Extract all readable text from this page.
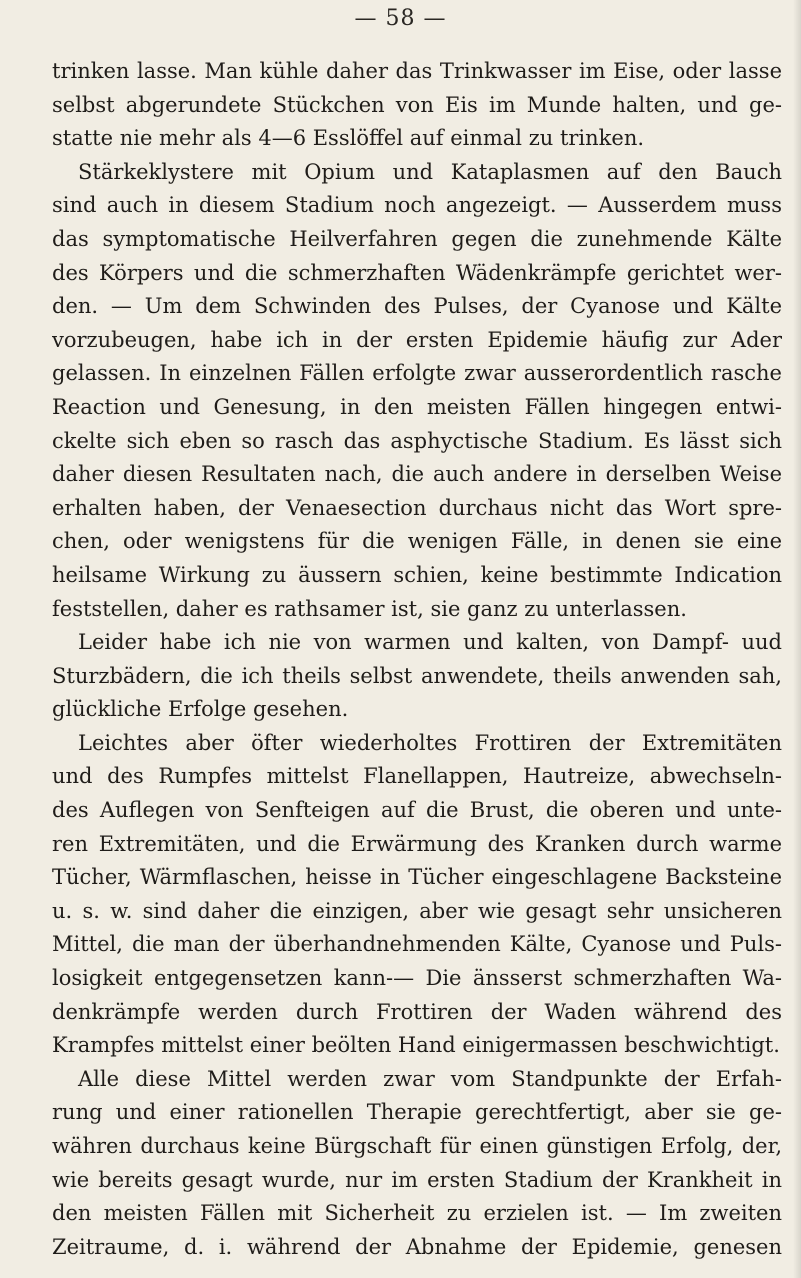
— 58 —
trinken lasse. Man kühle daher das Trinkwasser im Eise, oder lasse
selbst abgerundete Stückchen von Eis im Munde halten, und ge-
statte nie mehr als 4—6 Esslöffel auf einmal zu trinken.
Stärkeklystere mit Opium und Kataplasmen auf den Bauch
sind auch in diesem Stadium noch angezeigt. — Ausserdem muss
das symptomatische Heilverfahren gegen die zunehmende Kälte
des Körpers und die schmerzhaften Wädenkrämpfe gerichtet wer-
den. — Um dem Schwinden des Pulses, der Cyanose und Kälte
vorzubeugen, habe ich in der ersten Epidemie häufig zur Ader
gelassen. In einzelnen Fällen erfolgte zwar ausserordentlich rasche
Reaction und Genesung, in den meisten Fällen hingegen entwi-
ckelte sich eben so rasch das asphyctische Stadium. Es lässt sich
daher diesen Resultaten nach, die auch andere in derselben Weise
erhalten haben, der Venaesection durchaus nicht das Wort spre-
chen, oder wenigstens für die wenigen Fälle, in denen sie eine
heilsame Wirkung zu äussern schien, keine bestimmte Indication
feststellen, daher es rathsamer ist, sie ganz zu unterlassen.
Leider habe ich nie von warmen und kalten, von Dampf- uud
Sturzbädern, die ich theils selbst anwendete, theils anwenden sah,
glückliche Erfolge gesehen.
Leichtes aber öfter wiederholtes Frottiren der Extremitäten
und des Rumpfes mittelst Flanellappen, Hautreize, abwechseln-
des Auflegen von Senfteigen auf die Brust, die oberen und unte-
ren Extremitäten, und die Erwärmung des Kranken durch warme
Tücher, Wärmflaschen, heisse in Tücher eingeschlagene Backsteine
u. s. w. sind daher die einzigen, aber wie gesagt sehr unsicheren
Mittel, die man der überhandnehmenden Kälte, Cyanose und Puls-
losigkeit entgegensetzen kann-— Die änsserst schmerzhaften Wa-
denkrämpfe werden durch Frottiren der Waden während des
Krampfes mittelst einer beölten Hand einigermassen beschwichtigt.
Alle diese Mittel werden zwar vom Standpunkte der Erfah-
rung und einer rationellen Therapie gerechtfertigt, aber sie ge-
währen durchaus keine Bürgschaft für einen günstigen Erfolg, der,
wie bereits gesagt wurde, nur im ersten Stadium der Krankheit in
den meisten Fällen mit Sicherheit zu erzielen ist. — Im zweiten
Zeitraume, d. i. während der Abnahme der Epidemie, genesen
